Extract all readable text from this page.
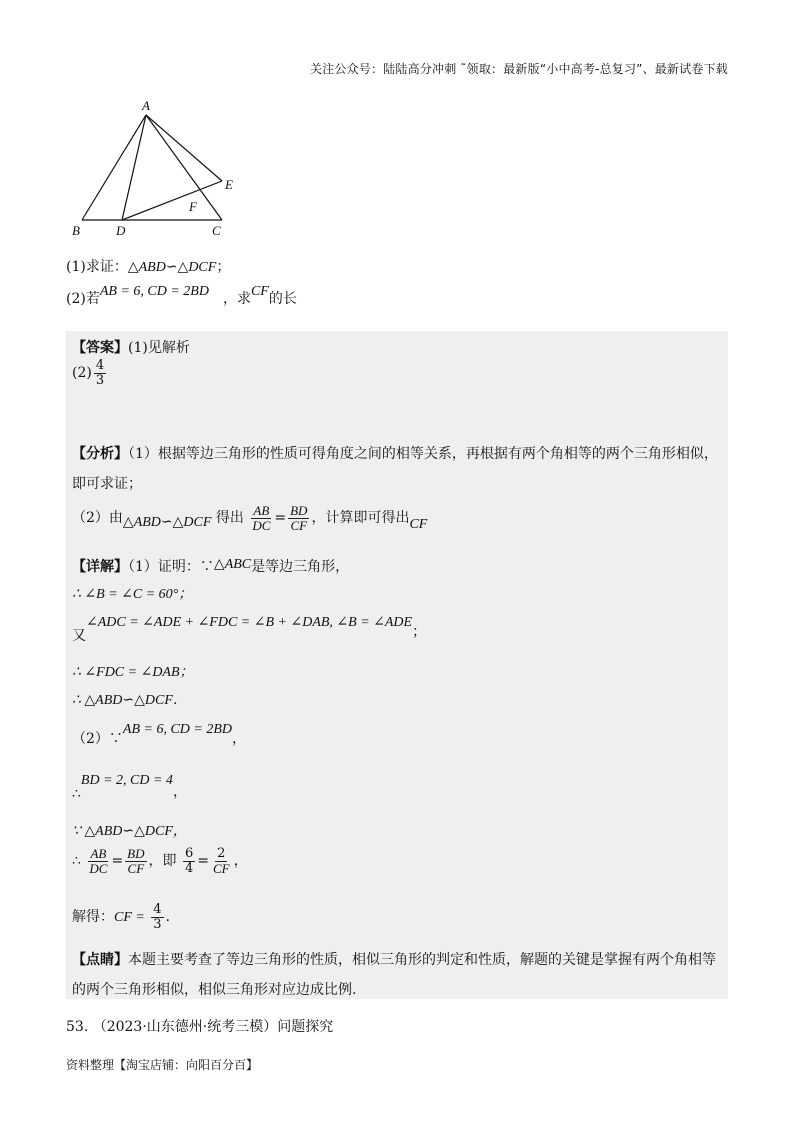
关注公众号：陆陆高分冲刺 ˜领取：最新版“小中高考-总复习”、最新试卷下载
A
B	C
D
E
F
(1)求证：△ABD∽△DCF；
(2)若AB = 6, CD = 2BD ，求CF的长
【答案】(1)见解析
$(2) \frac{4}{3}$
【分析】（1）根据等边三角形的性质可得角度之间的相等关系，再根据有两个角相等的两个三角形相似，
即可求证；
（2）由△ABD∽△DCF 得出 $\frac{AB}{DC} = \frac{BD}{CF}$ ，计算即可得出CF
【详解】（1）证明：∵△ABC是等边三角形，
∴ ∠B = ∠C = 60°；
又∠ADC = ∠ADE + ∠FDC = ∠B + ∠DAB, ∠B = ∠ADE；
∴ ∠FDC = ∠DAB；
∴ △ABD∽△DCF．
（2）∵AB = 6, CD = 2BD，
∴BD = 2, CD = 4，
∵ △ABD∽△DCF，
∴ $\frac{AB}{DC} = \frac{BD}{CF}$ ，即 $\frac{6}{4} = \frac{2}{CF}$ ，
解得：CF = $\frac{4}{3}$ ．
【点睛】本题主要考查了等边三角形的性质，相似三角形的判定和性质，解题的关键是掌握有两个角相等
的两个三角形相似，相似三角形对应边成比例.
53. （2023·山东德州·统考三模）问题探究
资料整理【淘宝店铺：向阳百分百】
